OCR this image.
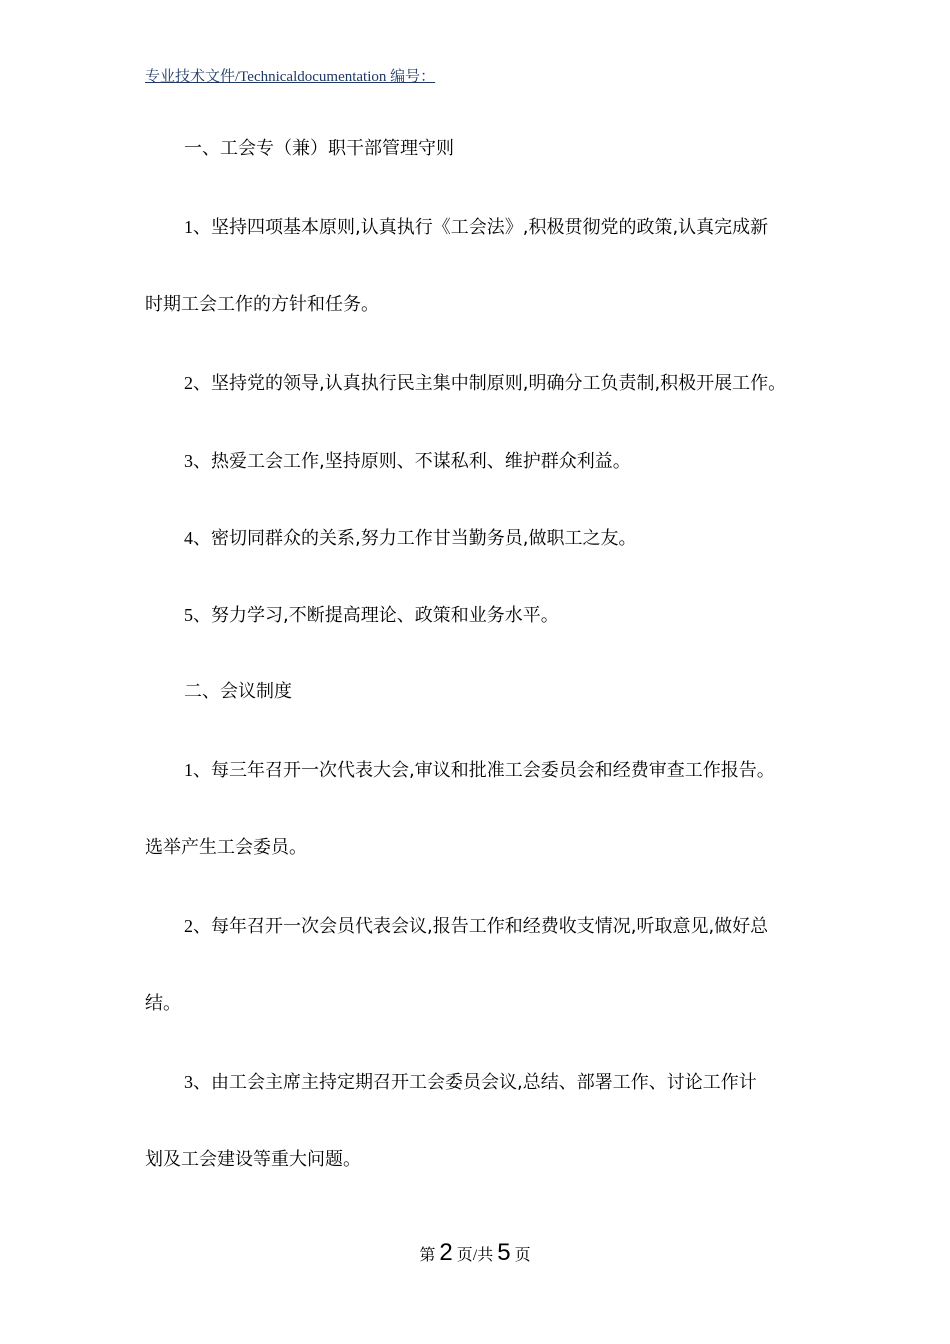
专业技术文件/Technicaldocumentation 编号：
一、工会专（兼）职干部管理守则
1、坚持四项基本原则,认真执行《工会法》,积极贯彻党的政策,认真完成新
时期工会工作的方针和任务。
2、坚持党的领导,认真执行民主集中制原则,明确分工负责制,积极开展工作。
3、热爱工会工作,坚持原则、不谋私利、维护群众利益。
4、密切同群众的关系,努力工作甘当勤务员,做职工之友。
5、努力学习,不断提高理论、政策和业务水平。
二、会议制度
1、每三年召开一次代表大会,审议和批准工会委员会和经费审查工作报告。
选举产生工会委员。
2、每年召开一次会员代表会议,报告工作和经费收支情况,听取意见,做好总
结。
3、由工会主席主持定期召开工会委员会议,总结、部署工作、讨论工作计
划及工会建设等重大问题。
第 2 页/共 5 页
